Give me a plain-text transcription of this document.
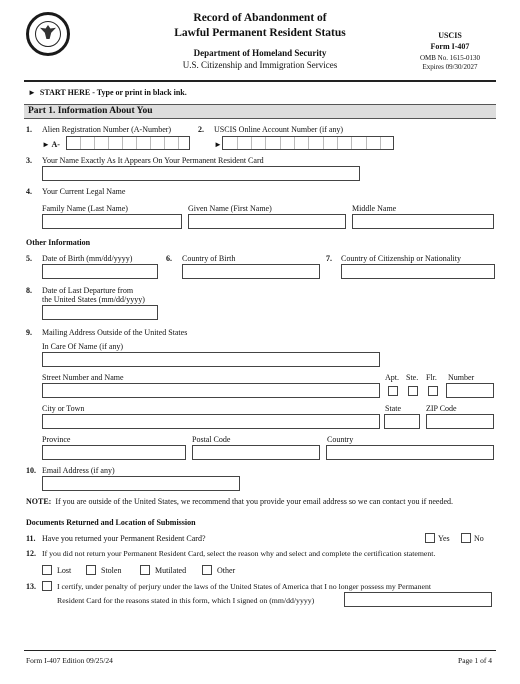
Record of Abandonment of
Lawful Permanent Resident Status
Department of Homeland Security
U.S. Citizenship and Immigration Services
USCIS
Form I-407
OMB No. 1615-0130
Expires 09/30/2027
► START HERE - Type or print in black ink.
Part 1. Information About You
1. Alien Registration Number (A-Number)
► A-
2. USCIS Online Account Number (if any)
►
3. Your Name Exactly As It Appears On Your Permanent Resident Card
4. Your Current Legal Name
Family Name (Last Name)	Given Name (First Name)	Middle Name
Other Information
5. Date of Birth (mm/dd/yyyy)	6. Country of Birth	7. Country of Citizenship or Nationality
8. Date of Last Departure from
the United States (mm/dd/yyyy)
9. Mailing Address Outside of the United States
In Care Of Name (if any)
Street Number and Name	Apt. Ste. Flr. Number
City or Town	State	ZIP Code
Province	Postal Code	Country
10. Email Address (if any)
NOTE: If you are outside of the United States, we recommend that you provide your email address so we can contact you if needed.
Documents Returned and Location of Submission
11. Have you returned your Permanent Resident Card?	Yes	No
12. If you did not return your Permanent Resident Card, select the reason why and select and complete the certification statement.
Lost	Stolen	Mutilated	Other
13.	I certify, under penalty of perjury under the laws of the United States of America that I no longer possess my Permanent
Resident Card for the reasons stated in this form, which I signed on (mm/dd/yyyy)
Form I-407 Edition 09/25/24	Page 1 of 4
